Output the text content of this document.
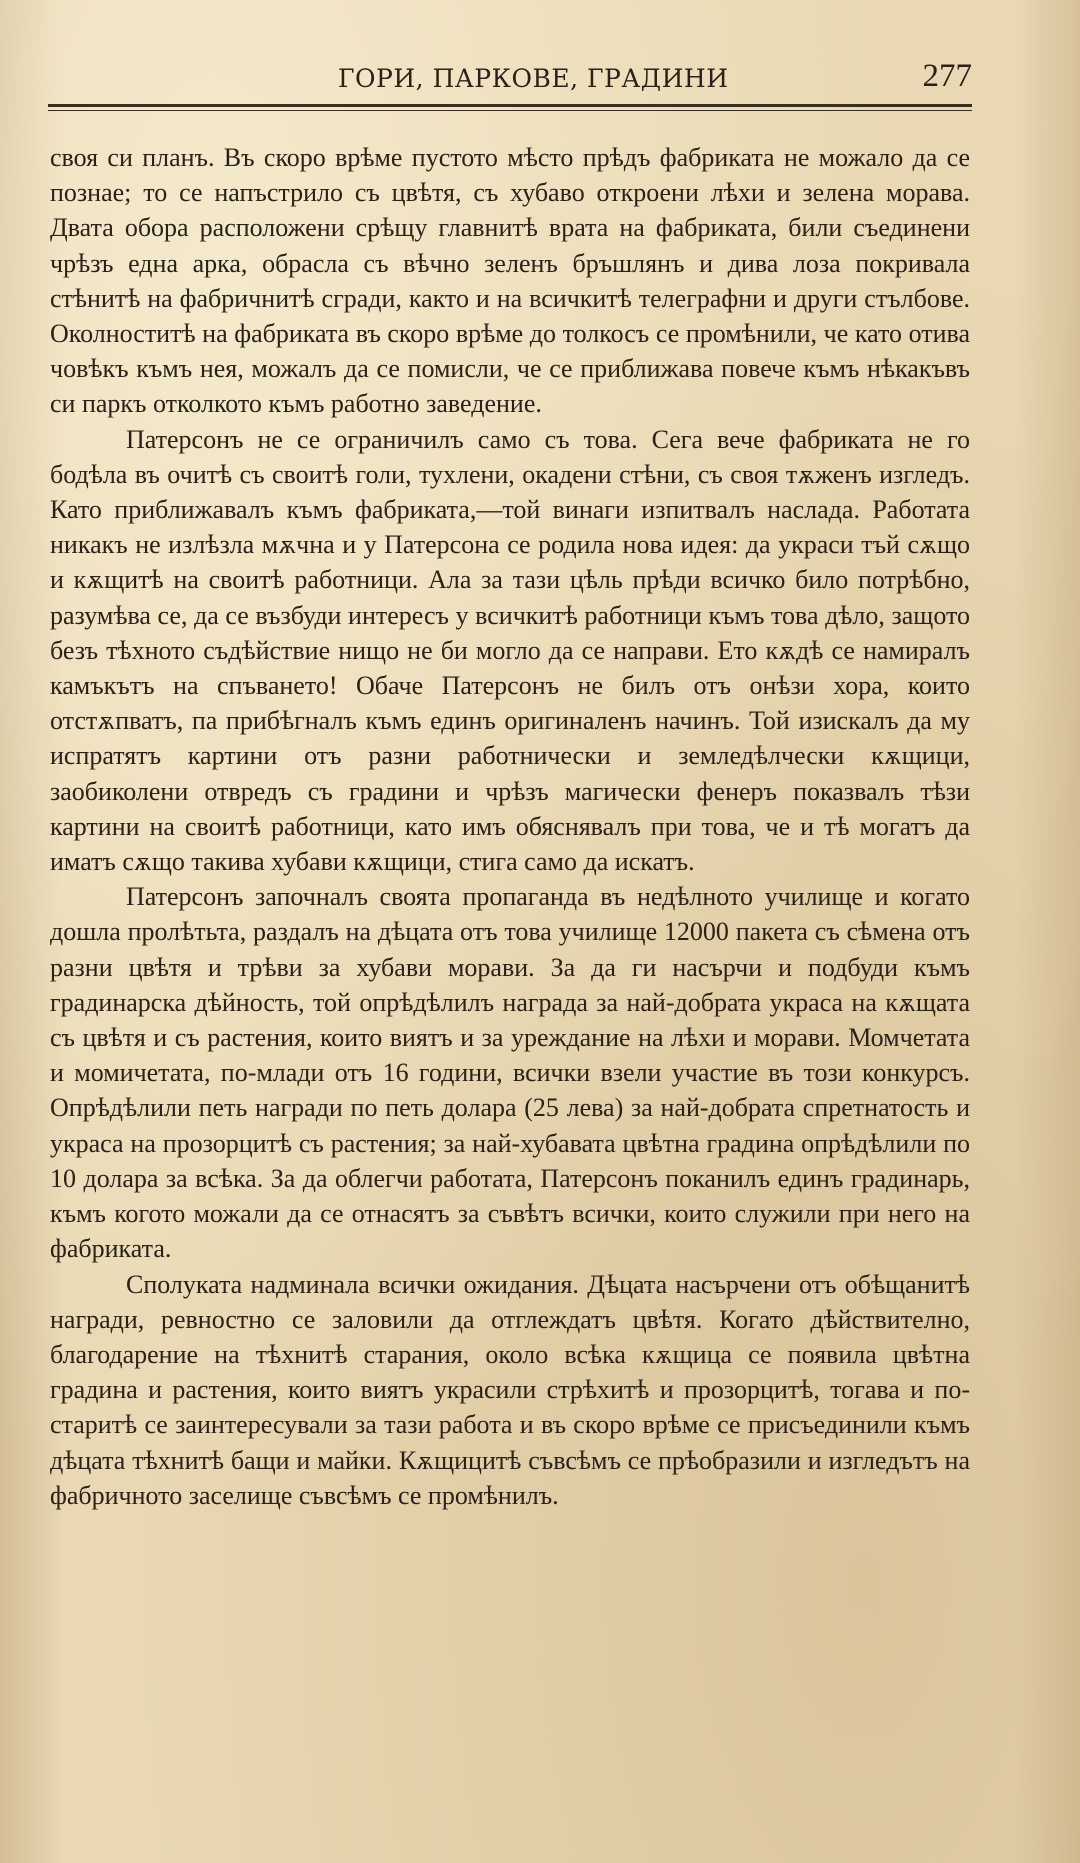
ГОРИ, ПАРКОВЕ, ГРАДИНИ	277

своя си планъ. Въ скоро врѣме пустото мѣсто прѣдъ фабриката не можало да се познае; то се напъстрило съ цвѣтя, съ хубаво откроени лѣхи и зелена морава. Двата обора расположени срѣщу главнитѣ врата на фабриката, били съединени чрѣзъ една арка, обрасла съ вѣчно зеленъ бръшлянъ и дива лоза покривала стѣнитѣ на фабричнитѣ сгради, както и на всичкитѣ телеграфни и други стълбове. Околноститѣ на фабриката въ скоро врѣме до толкосъ се промѣнили, че като отива човѣкъ къмъ нея, можалъ да се помисли, че се приближава повече къмъ нѣкакъвъ си паркъ отколкото къмъ работно заведение.

Патерсонъ не се ограничилъ само съ това. Сега вече фабриката не го бодѣла въ очитѣ съ своитѣ голи, тухлени, окадени стѣни, съ своя тѫженъ изгледъ. Като приближавалъ къмъ фабриката,—той винаги изпитвалъ наслада. Работата никакъ не излѣзла мѫчна и у Патерсона се родила нова идея: да украси тъй сѫщо и кѫщитѣ на своитѣ работници. Ала за тази цѣль прѣди всичко било потрѣбно, разумѣва се, да се възбуди интересъ у всичкитѣ работници къмъ това дѣло, защото безъ тѣхното съдѣйствие нищо не би могло да се направи. Ето кѫдѣ се намиралъ камъкътъ на спъването! Обаче Патерсонъ не билъ отъ онѣзи хора, които отстѫпватъ, па прибѣгналъ къмъ единъ оригиналенъ начинъ. Той изискалъ да му испратятъ картини отъ разни работнически и земледѣлчески кѫщици, заобиколени отвредъ съ градини и чрѣзъ магически фенеръ показвалъ тѣзи картини на своитѣ работници, като имъ обяснявалъ при това, че и тѣ могатъ да иматъ сѫщо такива хубави кѫщици, стига само да искатъ.

Патерсонъ започналъ своята пропаганда въ недѣлното училище и когато дошла пролѣтьта, раздалъ на дѣцата отъ това училище 12000 пакета съ сѣмена отъ разни цвѣтя и трѣви за хубави морави. За да ги насърчи и подбуди къмъ градинарска дѣйность, той опрѣдѣлилъ награда за най-добрата украса на кѫщата съ цвѣтя и съ растения, които виятъ и за уреждание на лѣхи и морави. Момчетата и момичетата, по-млади отъ 16 години, всички взели участие въ този конкурсъ. Опрѣдѣлили петь награди по петь долара (25 лева) за най-добрата спретнатость и украса на прозорцитѣ съ растения; за най-хубавата цвѣтна градина опрѣдѣлили по 10 долара за всѣка. За да облегчи работата, Патерсонъ поканилъ единъ градинарь, къмъ когото можали да се отнасятъ за съвѣтъ всички, които служили при него на фабриката.

Сполуката надминала всички ожидания. Дѣцата насърчени отъ обѣщанитѣ награди, ревностно се заловили да отглеждатъ цвѣтя. Когато дѣйствително, благодарение на тѣхнитѣ старания, около всѣка кѫщица се появила цвѣтна градина и растения, които виятъ украсили стрѣхитѣ и прозорцитѣ, тогава и по-старитѣ се заинтересували за тази работа и въ скоро врѣме се присъединили къмъ дѣцата тѣхнитѣ бащи и майки. Кѫщицитѣ съвсѣмъ се прѣобразили и изгледътъ на фабричното заселище съвсѣмъ се промѣнилъ.
